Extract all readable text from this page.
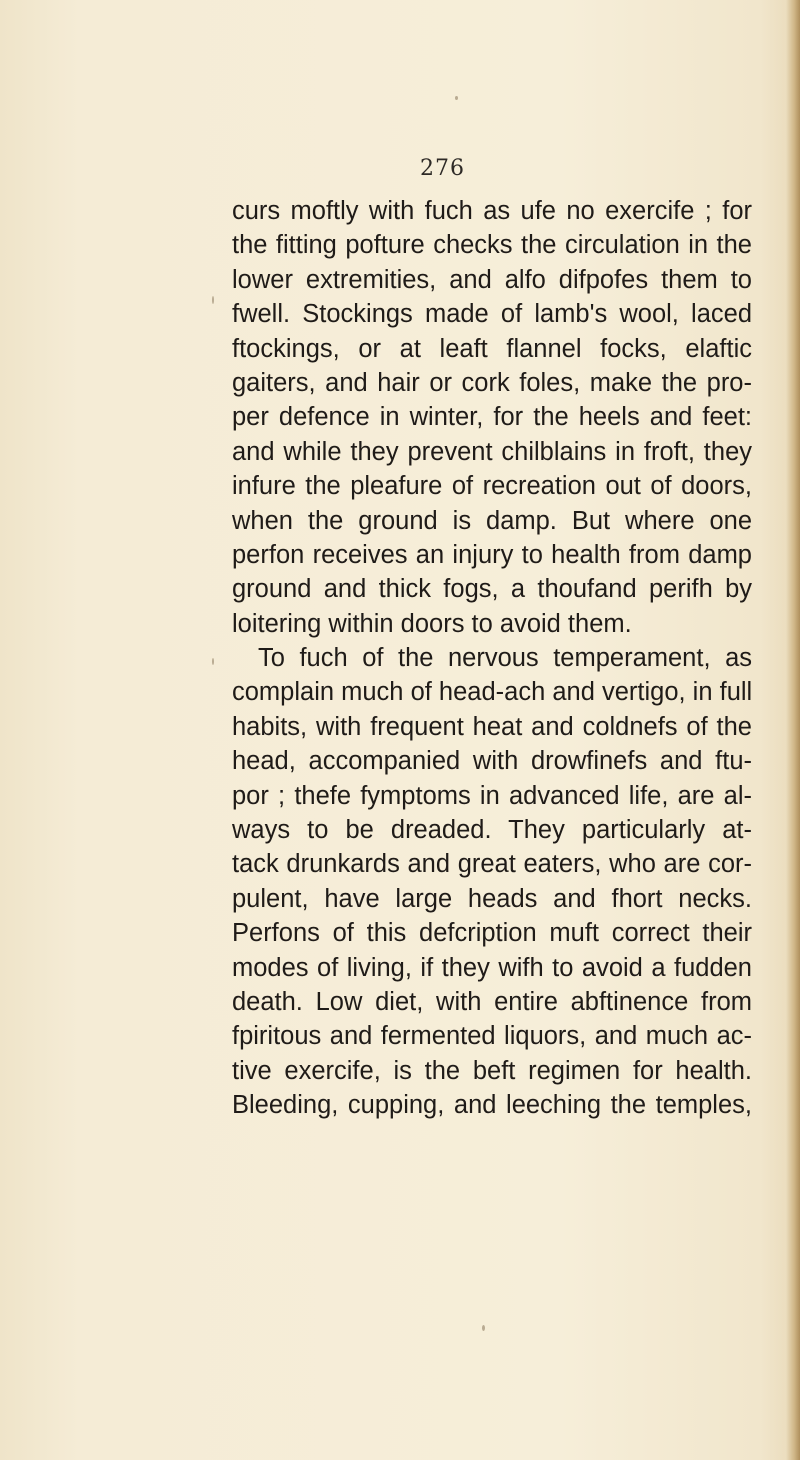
276
curs moftly with fuch as ufe no exercife ; for
the fitting pofture checks the circulation in the
lower extremities, and alfo difpofes them to
fwell. Stockings made of lamb's wool, laced
ftockings, or at leaft flannel focks, elaftic
gaiters, and hair or cork foles, make the pro-
per defence in winter, for the heels and feet:
and while they prevent chilblains in froft, they
infure the pleafure of recreation out of doors,
when the ground is damp. But where one
perfon receives an injury to health from damp
ground and thick fogs, a thoufand perifh by
loitering within doors to avoid them.
To fuch of the nervous temperament, as
complain much of head-ach and vertigo, in full
habits, with frequent heat and coldnefs of the
head, accompanied with drowfinefs and ftu-
por ; thefe fymptoms in advanced life, are al-
ways to be dreaded. They particularly at-
tack drunkards and great eaters, who are cor-
pulent, have large heads and fhort necks.
Perfons of this defcription muft correct their
modes of living, if they wifh to avoid a fudden
death. Low diet, with entire abftinence from
fpiritous and fermented liquors, and much ac-
tive exercife, is the beft regimen for health.
Bleeding, cupping, and leeching the temples,
